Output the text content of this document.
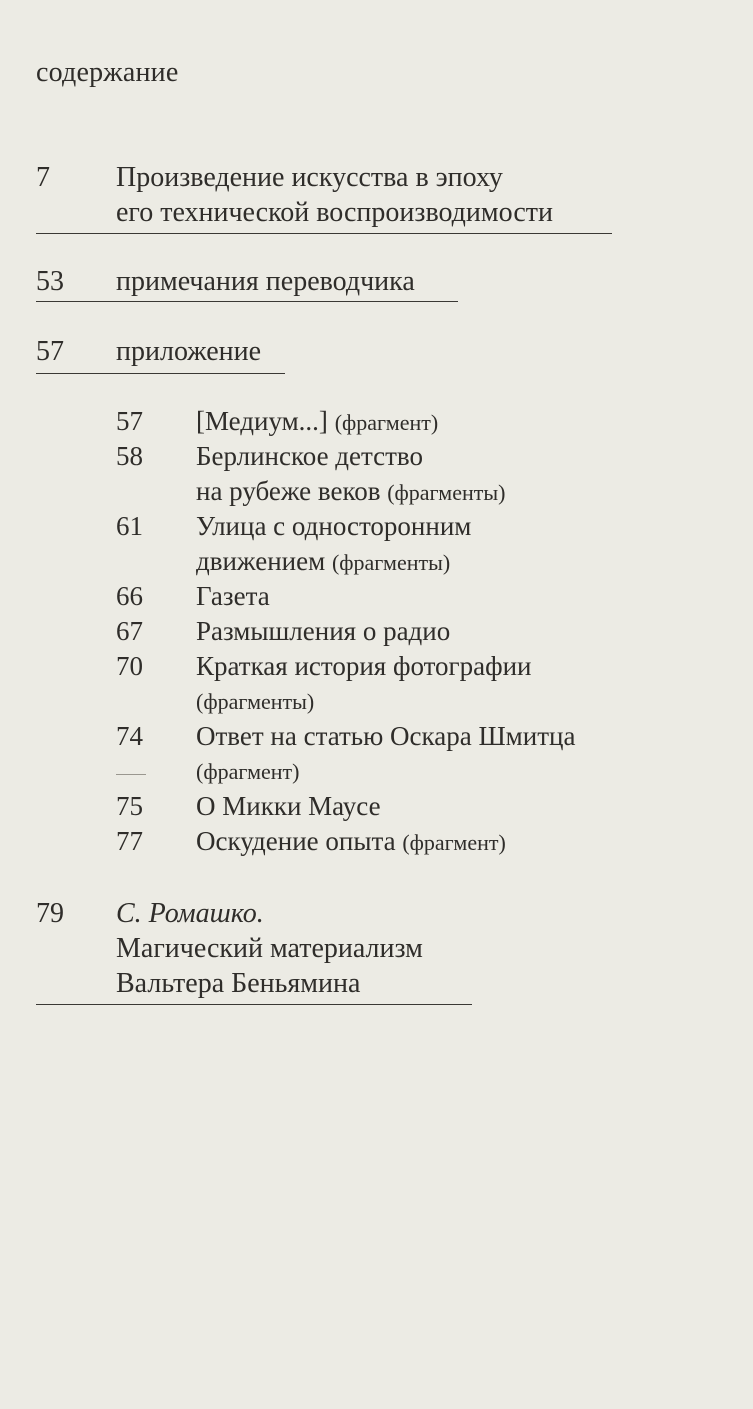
содержание
7 Произведение искусства в эпоху
его технической воспроизводимости
53 примечания переводчика
57 приложение
57 [Медиум...] (фрагмент)
58 Берлинское детство
на рубеже веков (фрагменты)
61 Улица с односторонним
движением (фрагменты)
66 Газета
67 Размышления о радио
70 Краткая история фотографии
(фрагменты)
74 Ответ на статью Оскара Шмитца
(фрагмент)
75 О Микки Маусе
77 Оскудение опыта (фрагмент)
79 С. Ромашко.
Магический материализм
Вальтера Беньямина
